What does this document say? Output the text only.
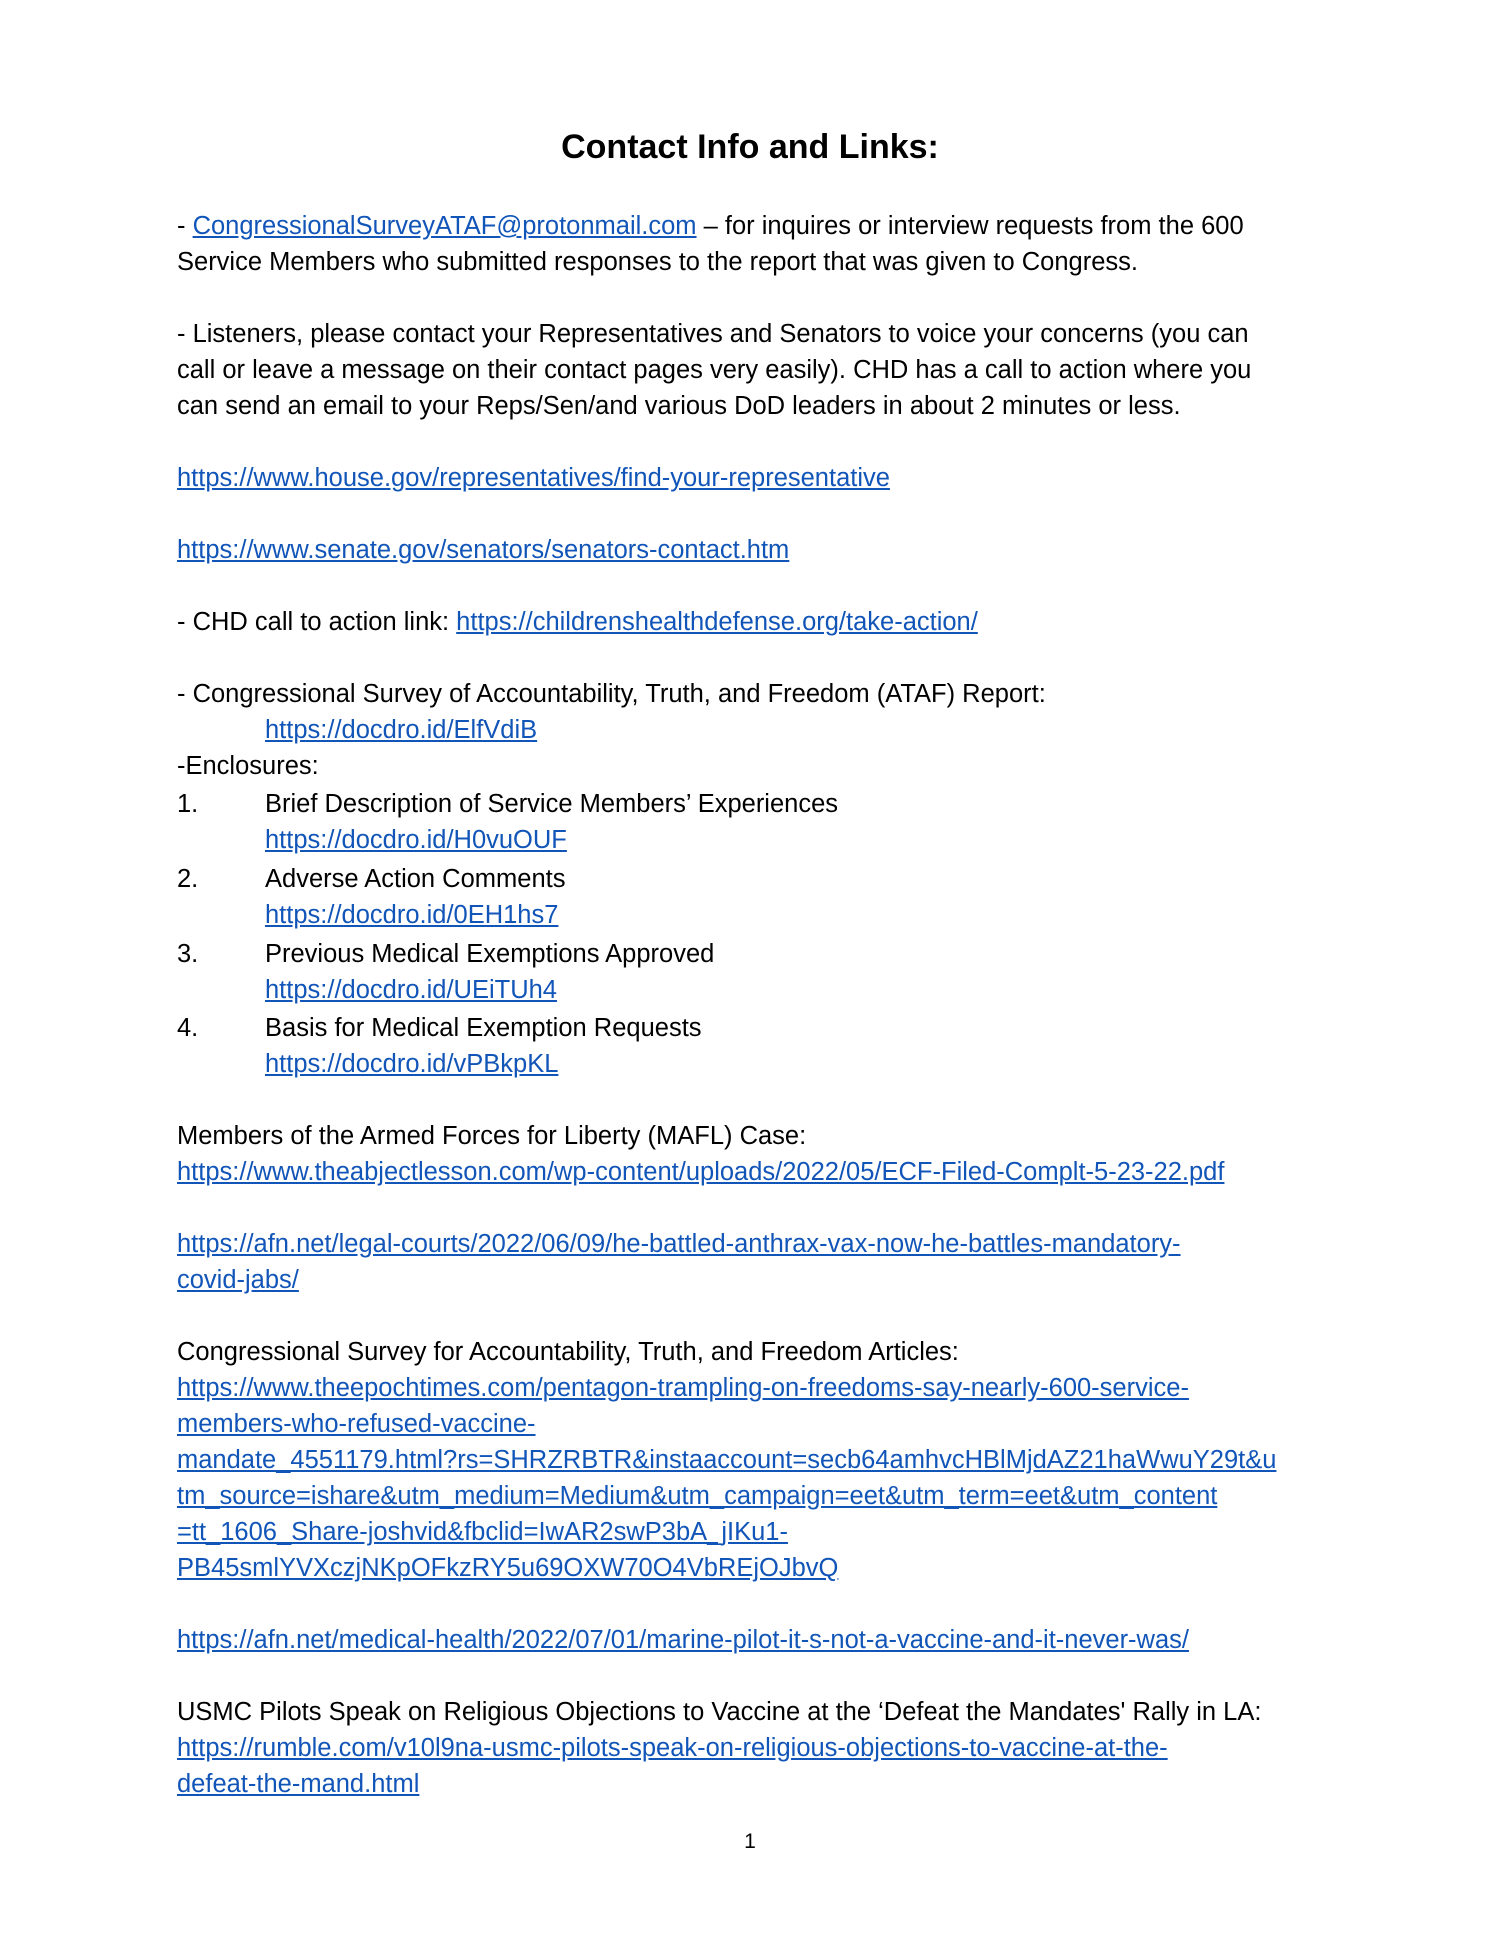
Contact Info and Links:
- CongressionalSurveyATAF@protonmail.com – for inquires or interview requests from the 600
Service Members who submitted responses to the report that was given to Congress.
- Listeners, please contact your Representatives and Senators to voice your concerns (you can
call or leave a message on their contact pages very easily). CHD has a call to action where you
can send an email to your Reps/Sen/and various DoD leaders in about 2 minutes or less.
https://www.house.gov/representatives/find-your-representative
https://www.senate.gov/senators/senators-contact.htm
- CHD call to action link: https://childrenshealthdefense.org/take-action/
- Congressional Survey of Accountability, Truth, and Freedom (ATAF) Report:
https://docdro.id/ElfVdiB
-Enclosures:
1.	Brief Description of Service Members’ Experiences
https://docdro.id/H0vuOUF
2.	Adverse Action Comments
https://docdro.id/0EH1hs7
3.	Previous Medical Exemptions Approved
https://docdro.id/UEiTUh4
4.	Basis for Medical Exemption Requests
https://docdro.id/vPBkpKL
Members of the Armed Forces for Liberty (MAFL) Case:
https://www.theabjectlesson.com/wp-content/uploads/2022/05/ECF-Filed-Complt-5-23-22.pdf
https://afn.net/legal-courts/2022/06/09/he-battled-anthrax-vax-now-he-battles-mandatory-
covid-jabs/
Congressional Survey for Accountability, Truth, and Freedom Articles:
https://www.theepochtimes.com/pentagon-trampling-on-freedoms-say-nearly-600-service-
members-who-refused-vaccine-
mandate_4551179.html?rs=SHRZRBTR&instaaccount=secb64amhvcHBlMjdAZ21haWwuY29t&u
tm_source=ishare&utm_medium=Medium&utm_campaign=eet&utm_term=eet&utm_content
=tt_1606_Share-joshvid&fbclid=IwAR2swP3bA_jIKu1-
PB45smlYVXczjNKpOFkzRY5u69OXW70O4VbREjOJbvQ
https://afn.net/medical-health/2022/07/01/marine-pilot-it-s-not-a-vaccine-and-it-never-was/
USMC Pilots Speak on Religious Objections to Vaccine at the ‘Defeat the Mandates' Rally in LA:
https://rumble.com/v10l9na-usmc-pilots-speak-on-religious-objections-to-vaccine-at-the-
defeat-the-mand.html
1
